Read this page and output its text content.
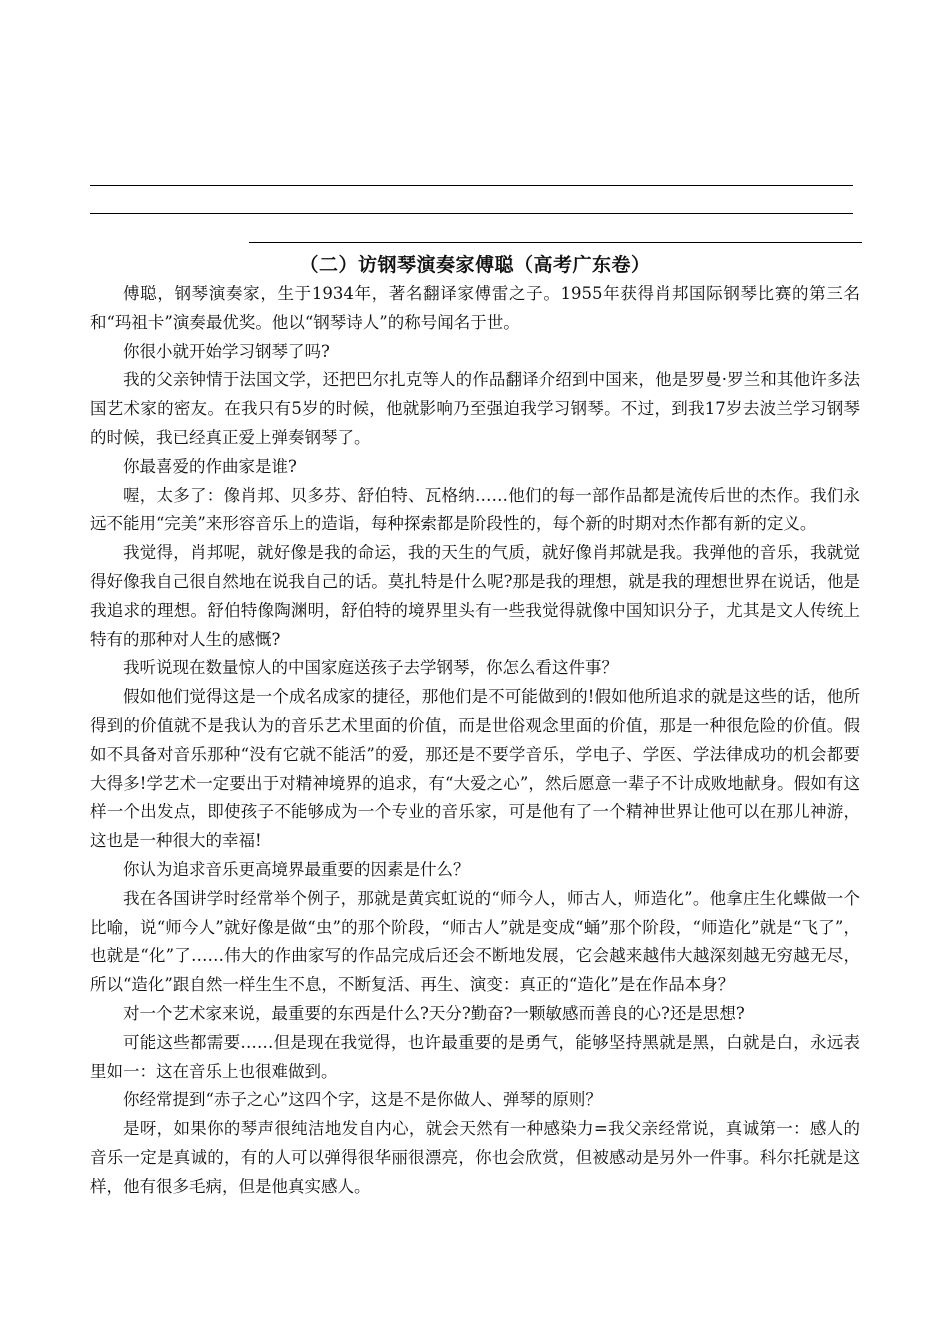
（二）访钢琴演奏家傅聪（高考广东卷）

傅聪，钢琴演奏家，生于1934年，著名翻译家傅雷之子。1955年获得肖邦国际钢琴比赛的第三名和“玛祖卡”演奏最优奖。他以“钢琴诗人”的称号闻名于世。

你很小就开始学习钢琴了吗?

我的父亲钟情于法国文学，还把巴尔扎克等人的作品翻译介绍到中国来，他是罗曼·罗兰和其他许多法国艺术家的密友。在我只有5岁的时候，他就影响乃至强迫我学习钢琴。不过，到我17岁去波兰学习钢琴的时候，我已经真正爱上弹奏钢琴了。

你最喜爱的作曲家是谁?

喔，太多了：像肖邦、贝多芬、舒伯特、瓦格纳……他们的每一部作品都是流传后世的杰作。我们永远不能用“完美”来形容音乐上的造诣，每种探索都是阶段性的，每个新的时期对杰作都有新的定义。

我觉得，肖邦呢，就好像是我的命运，我的天生的气质，就好像肖邦就是我。我弹他的音乐，我就觉得好像我自己很自然地在说我自己的话。莫扎特是什么呢?那是我的理想，就是我的理想世界在说话，他是我追求的理想。舒伯特像陶渊明，舒伯特的境界里头有一些我觉得就像中国知识分子，尤其是文人传统上特有的那种对人生的感慨?

我听说现在数量惊人的中国家庭送孩子去学钢琴，你怎么看这件事？

假如他们觉得这是一个成名成家的捷径，那他们是不可能做到的!假如他所追求的就是这些的话，他所得到的价值就不是我认为的音乐艺术里面的价值，而是世俗观念里面的价值，那是一种很危险的价值。假如不具备对音乐那种“没有它就不能活”的爱，那还是不要学音乐，学电子、学医、学法律成功的机会都要大得多!学艺术一定要出于对精神境界的追求，有“大爱之心”，然后愿意一辈子不计成败地献身。假如有这样一个出发点，即使孩子不能够成为一个专业的音乐家，可是他有了一个精神世界让他可以在那儿神游，这也是一种很大的幸福!

你认为追求音乐更高境界最重要的因素是什么？

我在各国讲学时经常举个例子，那就是黄宾虹说的“师今人，师古人，师造化”。他拿庄生化蝶做一个比喻，说“师今人”就好像是做“虫”的那个阶段，“师古人”就是变成“蛹”那个阶段，“师造化”就是“飞了”，也就是“化”了……伟大的作曲家写的作品完成后还会不断地发展，它会越来越伟大越深刻越无穷越无尽，所以“造化”跟自然一样生生不息，不断复活、再生、演变：真正的“造化”是在作品本身？

对一个艺术家来说，最重要的东西是什么?天分?勤奋?一颗敏感而善良的心?还是思想?

可能这些都需要……但是现在我觉得，也许最重要的是勇气，能够坚持黑就是黑，白就是白，永远表里如一：这在音乐上也很难做到。

你经常提到“赤子之心”这四个字，这是不是你做人、弹琴的原则？

是呀，如果你的琴声很纯洁地发自内心，就会天然有一种感染力=我父亲经常说，真诚第一：感人的音乐一定是真诚的，有的人可以弹得很华丽很漂亮，你也会欣赏，但被感动是另外一件事。科尔托就是这样，他有很多毛病，但是他真实感人。
